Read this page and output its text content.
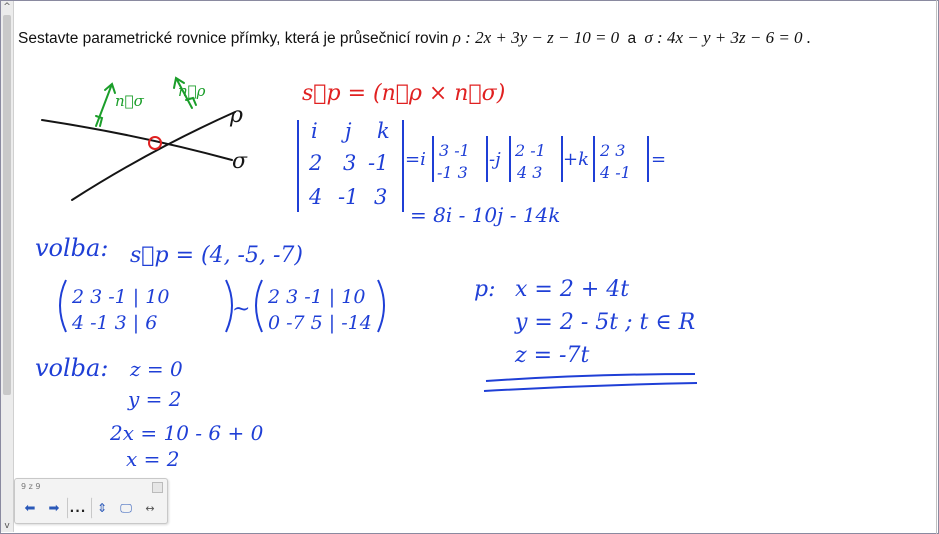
^
v
Sestavte parametrické rovnice přímky, která je průsečnicí rovin ρ : 2x + 3y − z − 10 = 0 a σ : 4x − y + 3z − 6 = 0 .
n⃗σ
n⃗ρ
ρ
σ
s⃗p = (n⃗ρ × n⃗σ)
i j k
2 3 -1
4 -1 3
=i 3 -1
-1 3
-j 2 -1
4 3
+k 2 3
4 -1
=
= 8i - 10j - 14k
volba: s⃗p = (4, -5, -7)
2 3 -1 | 10
4 -1 3 | 6
~ 2 3 -1 | 10
0 -7 5 | -14
volba: z = 0
y = 2
2x = 10 - 6 + 0
x = 2
p: x = 2 + 4t
y = 2 - 5t ; t ∈ R
z = -7t
9 z 9
⬅ ➡ ... ⇕ 🖵 ↔
